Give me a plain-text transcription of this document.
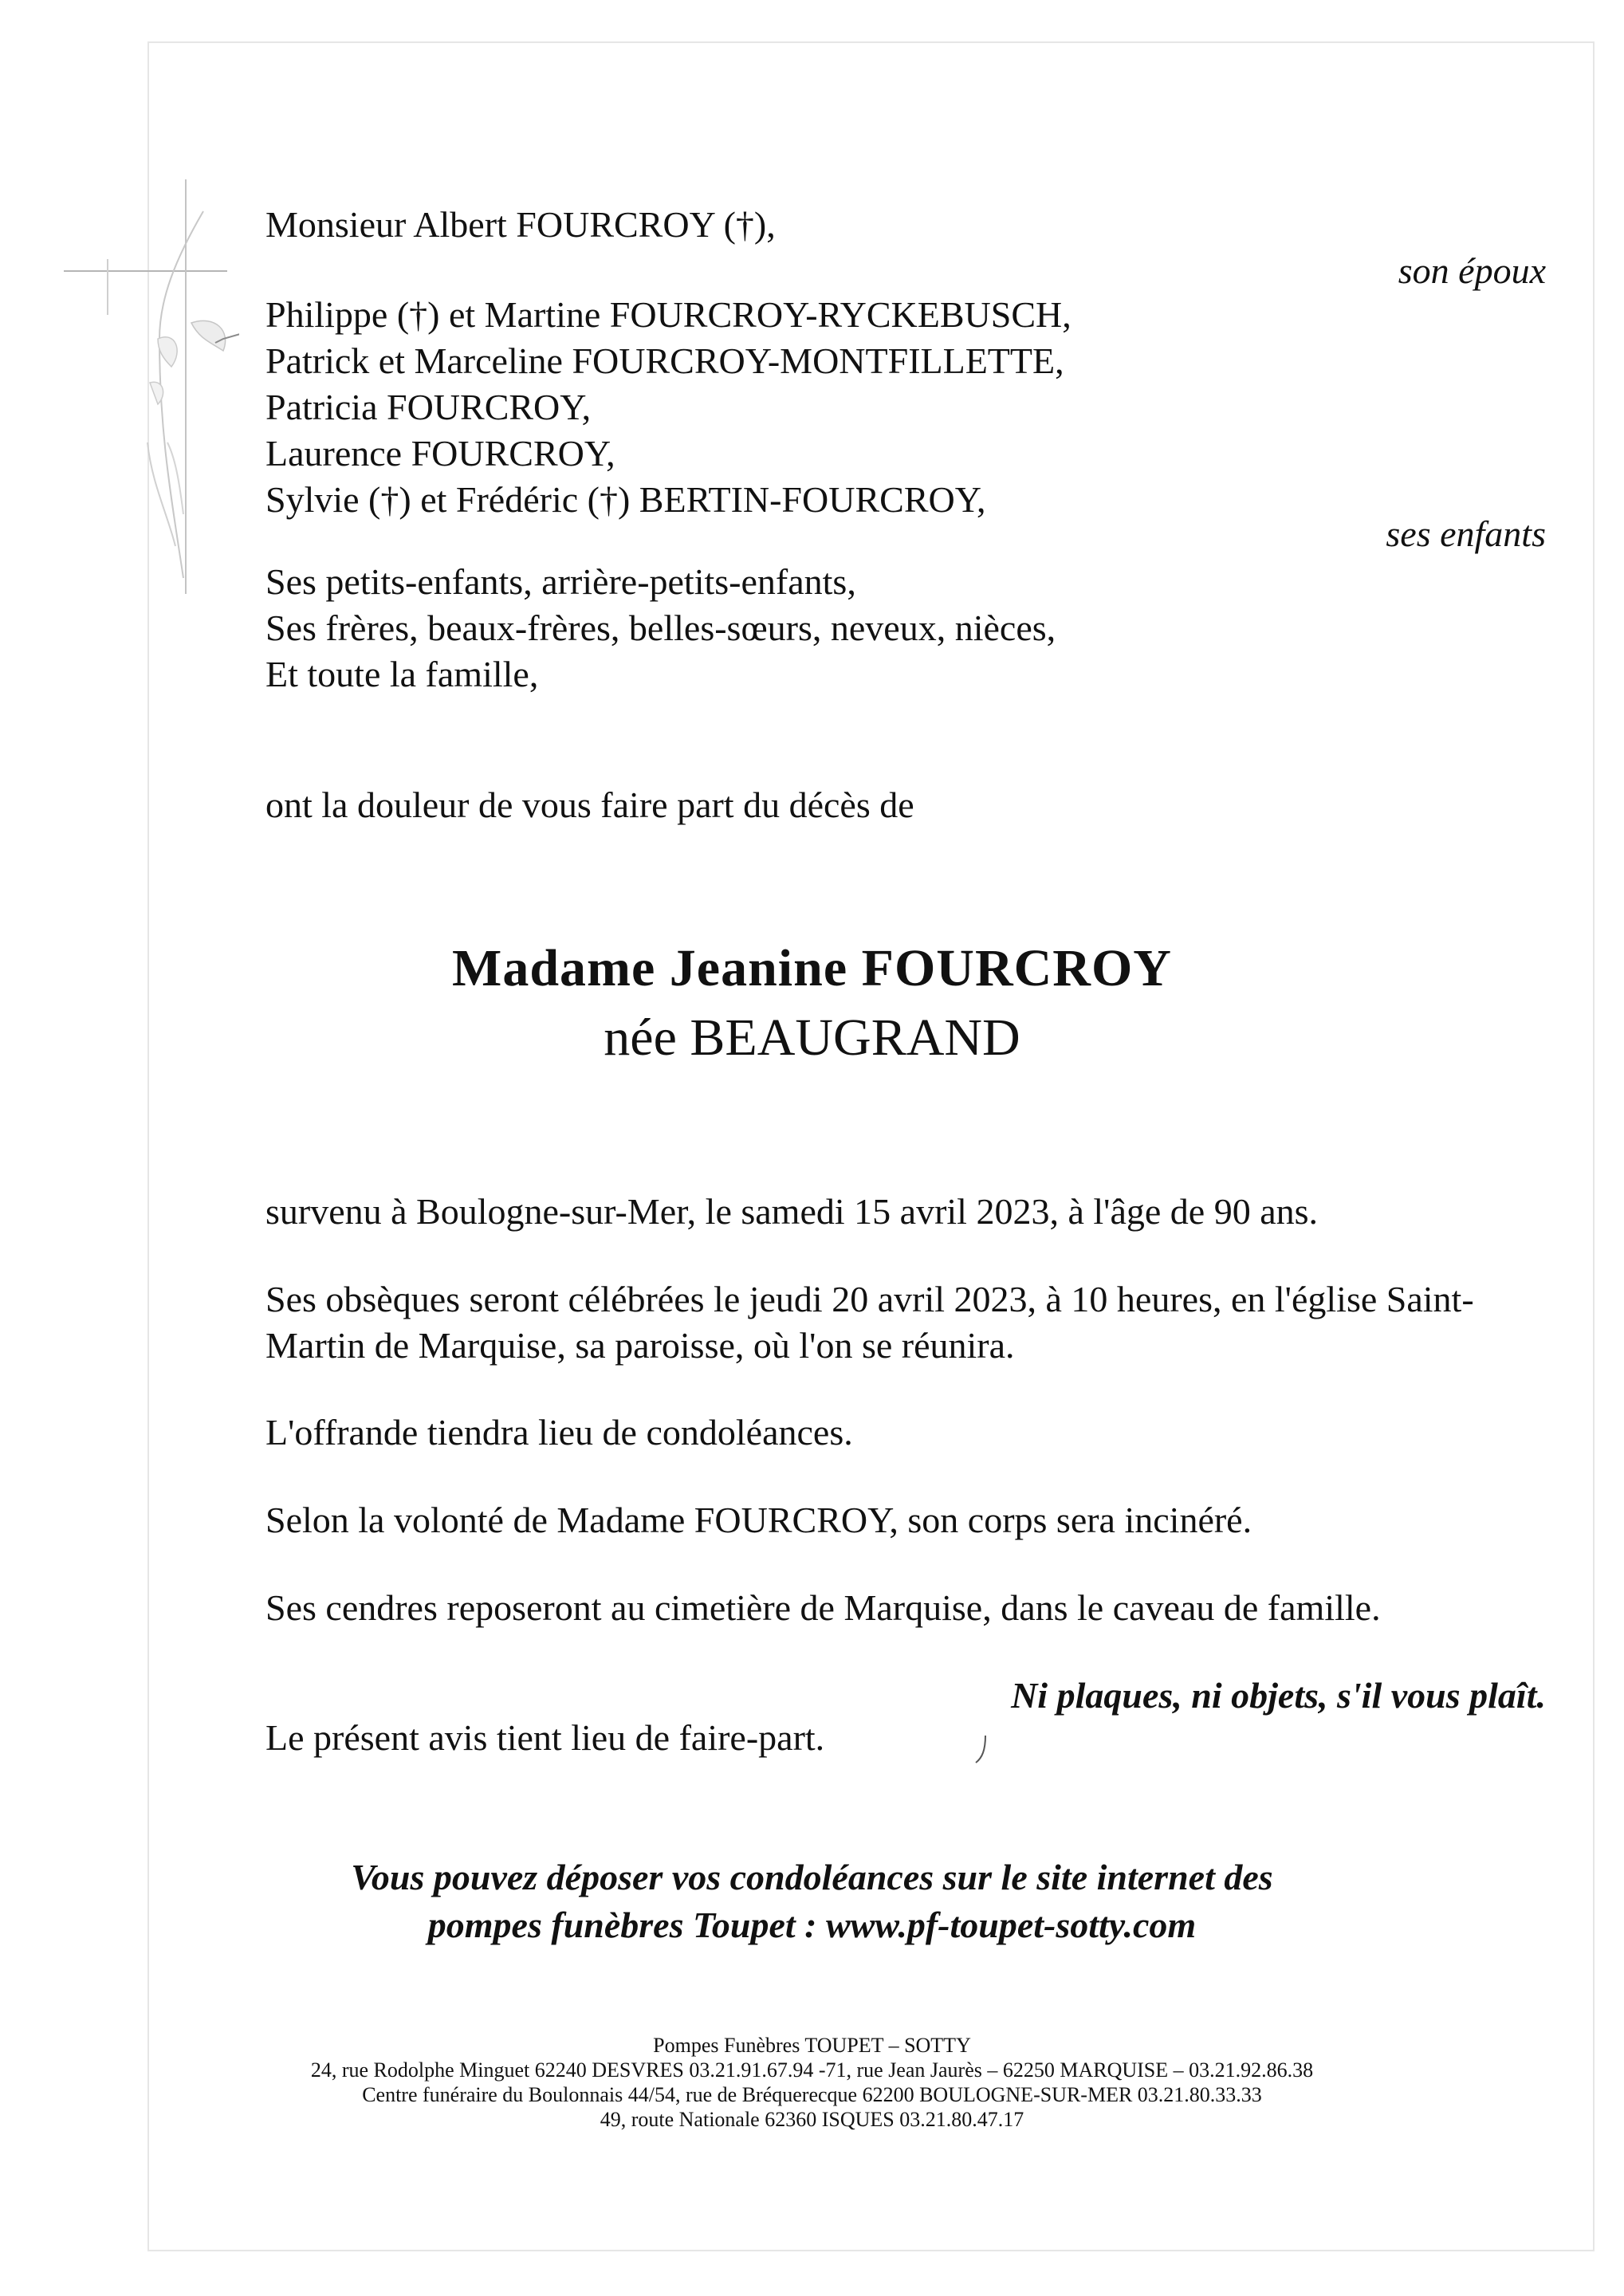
Monsieur Albert FOURCROY (†),
son époux
Philippe (†) et Martine FOURCROY-RYCKEBUSCH,
Patrick et Marceline FOURCROY-MONTFILLETTE,
Patricia FOURCROY,
Laurence FOURCROY,
Sylvie (†) et Frédéric (†) BERTIN-FOURCROY,
ses enfants
Ses petits-enfants, arrière-petits-enfants,
Ses frères, beaux-frères, belles-sœurs, neveux, nièces,
Et toute la famille,
ont la douleur de vous faire part du décès de
Madame Jeanine FOURCROY
née BEAUGRAND
survenu à Boulogne-sur-Mer, le samedi 15 avril 2023, à l'âge de 90 ans.
Ses obsèques seront célébrées le jeudi 20 avril 2023, à 10 heures, en l'église Saint-
Martin de Marquise, sa paroisse, où l'on se réunira.
L'offrande tiendra lieu de condoléances.
Selon la volonté de Madame FOURCROY, son corps sera incinéré.
Ses cendres reposeront au cimetière de Marquise, dans le caveau de famille.
Ni plaques, ni objets, s'il vous plaît.
Le présent avis tient lieu de faire-part.
Vous pouvez déposer vos condoléances sur le site internet des
pompes funèbres Toupet : www.pf-toupet-sotty.com
Pompes Funèbres TOUPET – SOTTY
24, rue Rodolphe Minguet 62240 DESVRES 03.21.91.67.94 -71, rue Jean Jaurès – 62250 MARQUISE – 03.21.92.86.38
Centre funéraire du Boulonnais 44/54, rue de Bréquerecque 62200 BOULOGNE-SUR-MER 03.21.80.33.33
49, route Nationale 62360 ISQUES 03.21.80.47.17
